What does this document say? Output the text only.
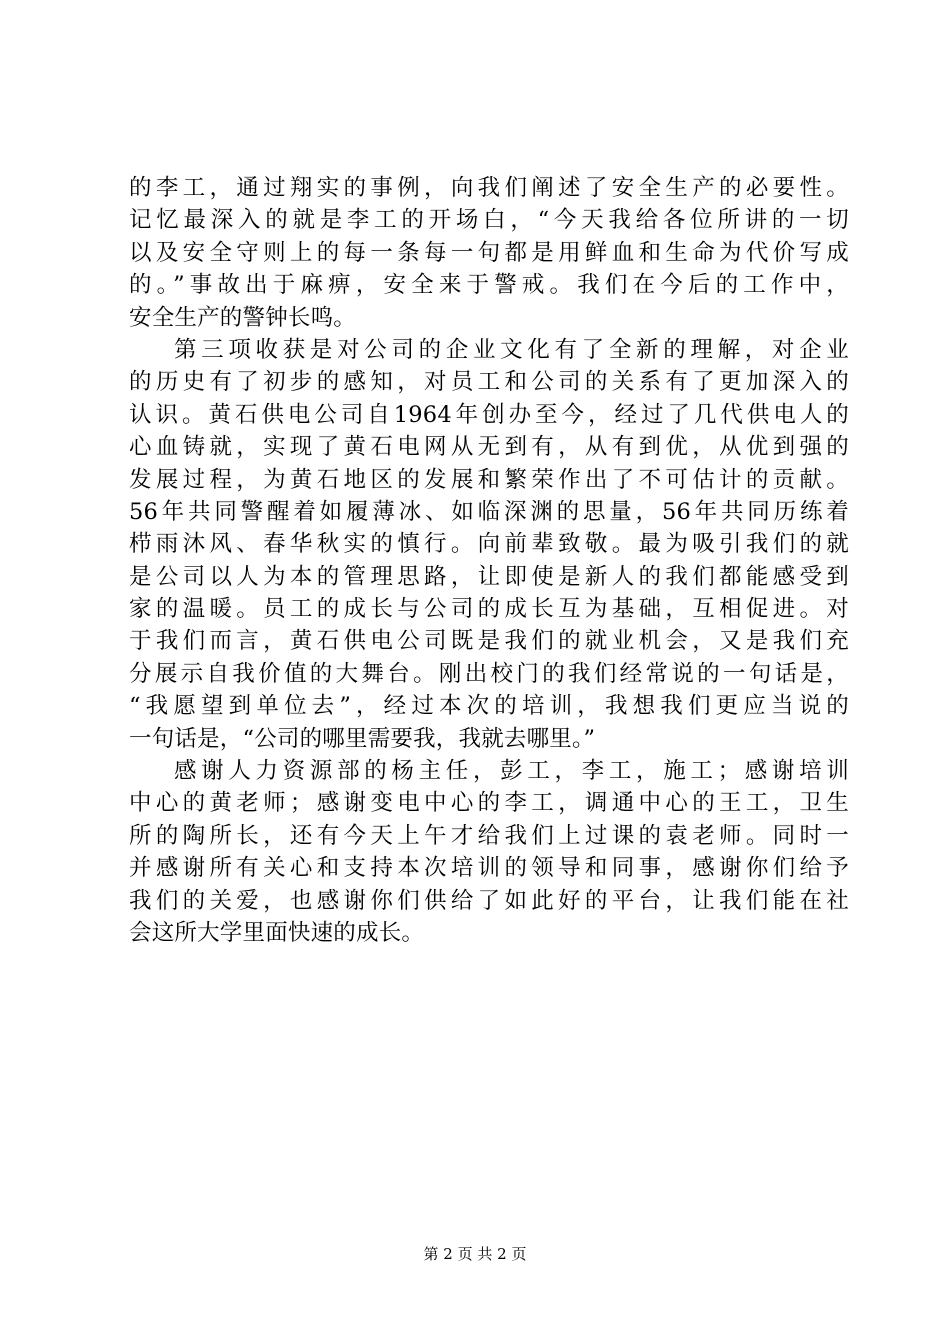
的李工，通过翔实的事例，向我们阐述了安全生产的必要性。
记忆最深入的就是李工的开场白，“今天我给各位所讲的一切
以及安全守则上的每一条每一句都是用鲜血和生命为代价写成
的。”事故出于麻痹，安全来于警戒。我们在今后的工作中，
安全生产的警钟长鸣。
第三项收获是对公司的企业文化有了全新的理解，对企业
的历史有了初步的感知，对员工和公司的关系有了更加深入的
认识。黄石供电公司自1964年创办至今，经过了几代供电人的
心血铸就，实现了黄石电网从无到有，从有到优，从优到强的
发展过程，为黄石地区的发展和繁荣作出了不可估计的贡献。
56年共同警醒着如履薄冰、如临深渊的思量，56年共同历练着
栉雨沐风、春华秋实的慎行。向前辈致敬。最为吸引我们的就
是公司以人为本的管理思路，让即使是新人的我们都能感受到
家的温暖。员工的成长与公司的成长互为基础，互相促进。对
于我们而言，黄石供电公司既是我们的就业机会，又是我们充
分展示自我价值的大舞台。刚出校门的我们经常说的一句话是，
“我愿望到单位去”，经过本次的培训，我想我们更应当说的
一句话是，“公司的哪里需要我，我就去哪里。”
感谢人力资源部的杨主任，彭工，李工，施工；感谢培训
中心的黄老师；感谢变电中心的李工，调通中心的王工，卫生
所的陶所长，还有今天上午才给我们上过课的袁老师。同时一
并感谢所有关心和支持本次培训的领导和同事，感谢你们给予
我们的关爱，也感谢你们供给了如此好的平台，让我们能在社
会这所大学里面快速的成长。
第 2 页 共 2 页
